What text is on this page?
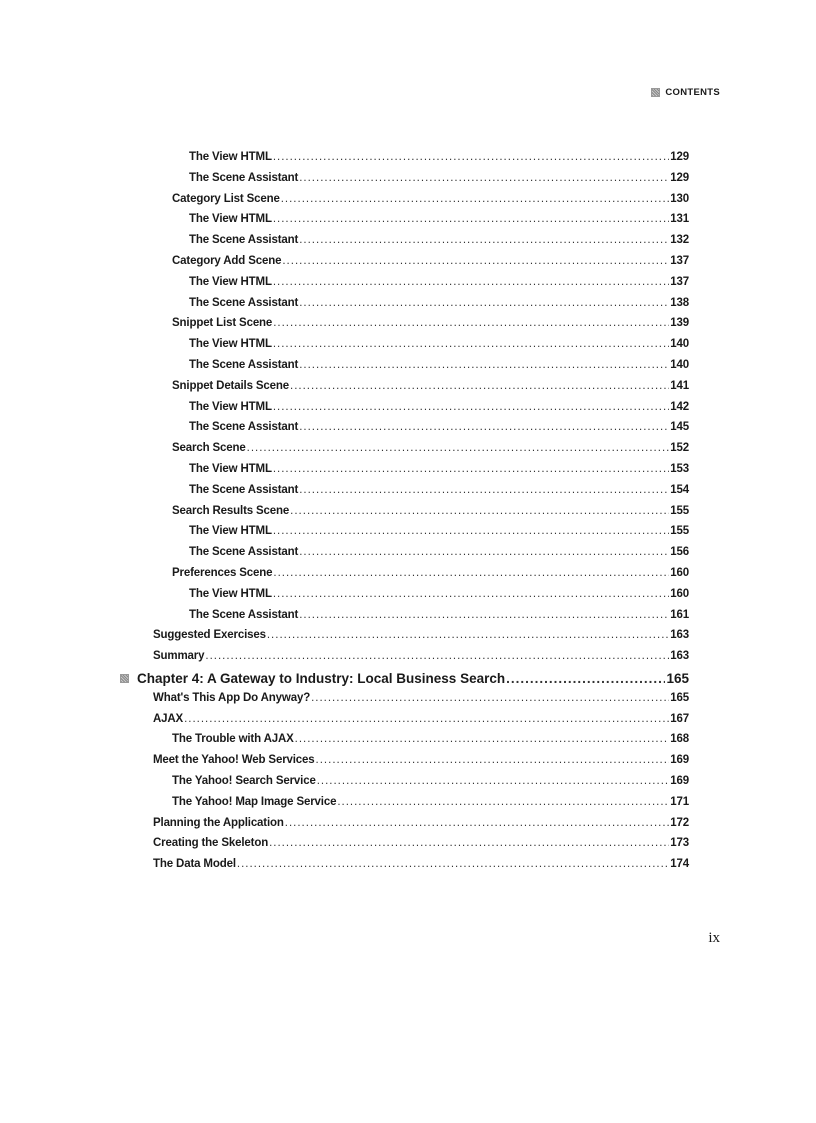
CONTENTS
The View HTML .....	129
The Scene Assistant .....	129
Category List Scene .....	130
The View HTML .....	131
The Scene Assistant .....	132
Category Add Scene .....	137
The View HTML .....	137
The Scene Assistant .....	138
Snippet List Scene .....	139
The View HTML .....	140
The Scene Assistant .....	140
Snippet Details Scene .....	141
The View HTML .....	142
The Scene Assistant .....	145
Search Scene .....	152
The View HTML .....	153
The Scene Assistant .....	154
Search Results Scene .....	155
The View HTML .....	155
The Scene Assistant .....	156
Preferences Scene .....	160
The View HTML .....	160
The Scene Assistant .....	161
Suggested Exercises .....	163
Summary .....	163
Chapter 4: A Gateway to Industry: Local Business Search .....	165
What's This App Do Anyway? .....	165
AJAX .....	167
The Trouble with AJAX .....	168
Meet the Yahoo! Web Services .....	169
The Yahoo! Search Service .....	169
The Yahoo! Map Image Service .....	171
Planning the Application .....	172
Creating the Skeleton .....	173
The Data Model .....	174
ix
